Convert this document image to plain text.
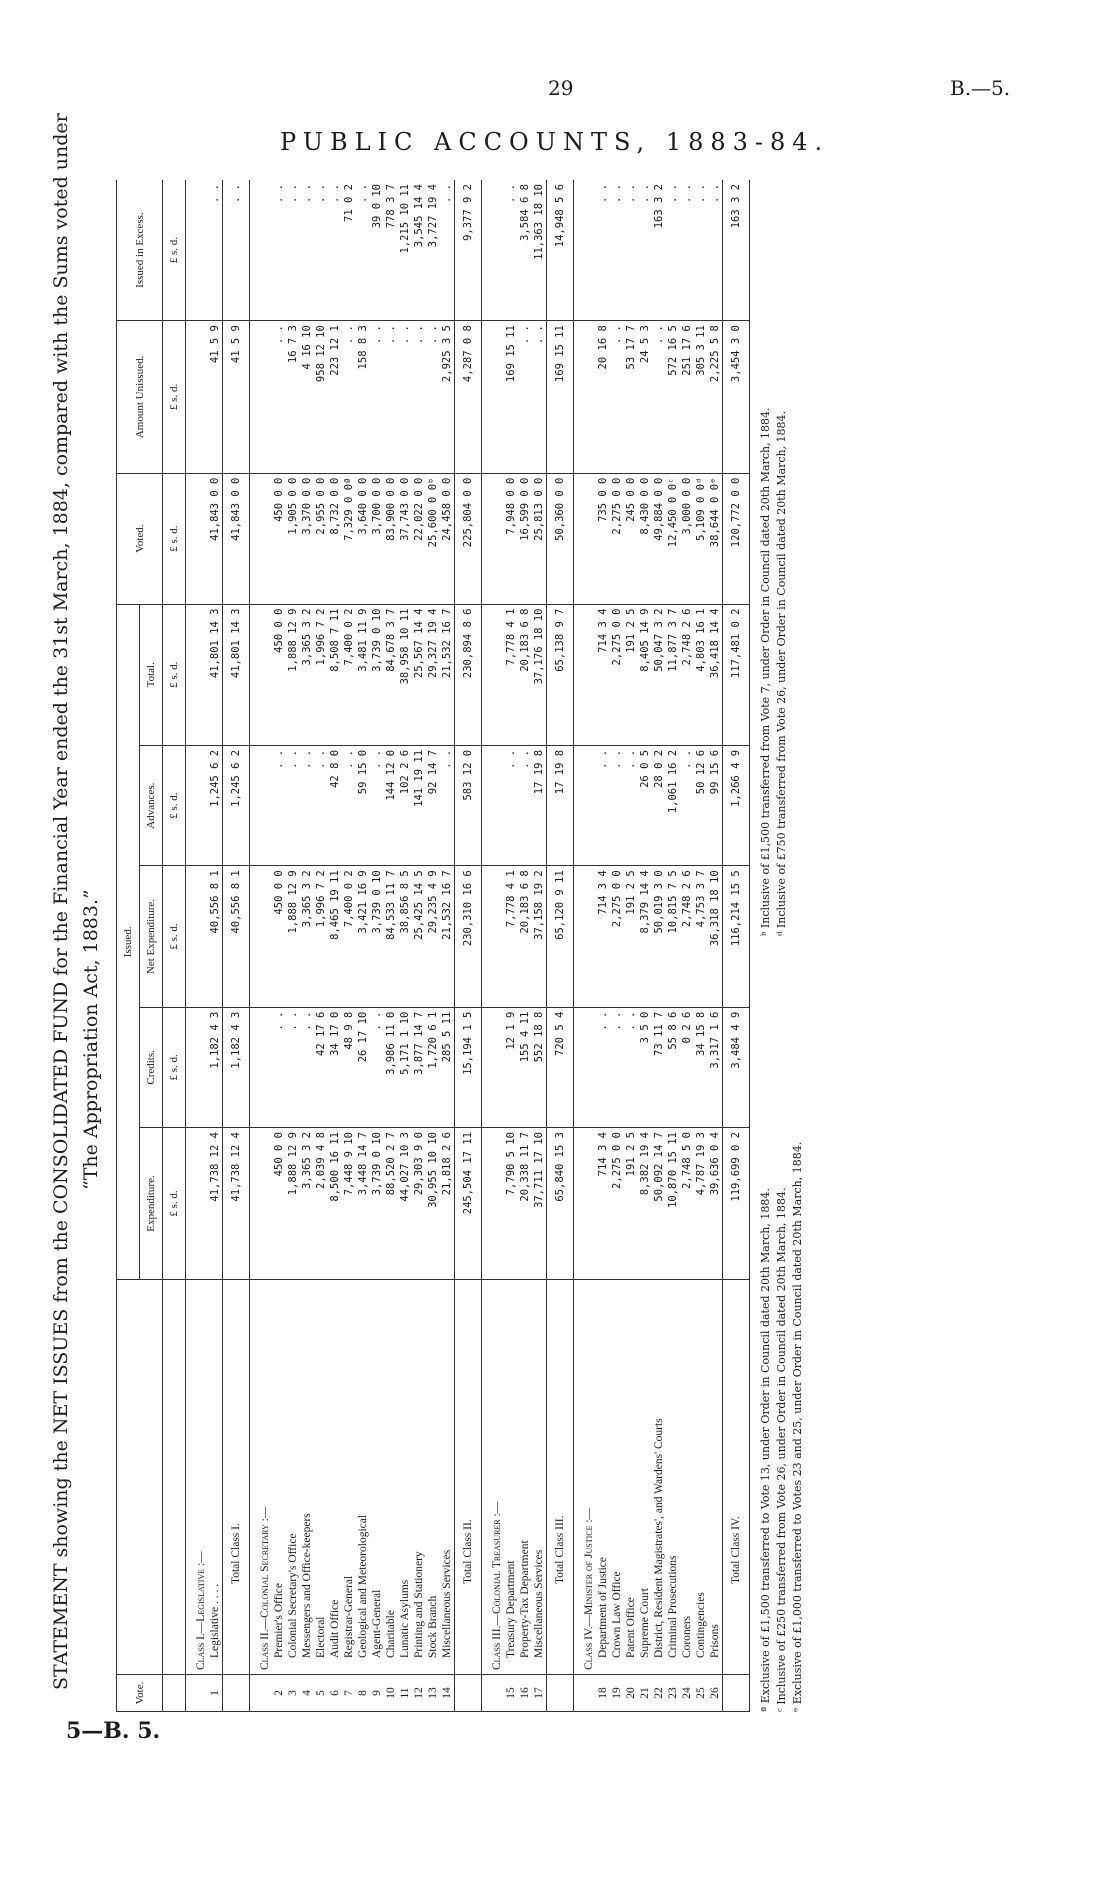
29	B.—5.
PUBLIC ACCOUNTS, 1883-84.
STATEMENT showing the NET ISSUES from the CONSOLIDATED FUND for the Financial Year ended the 31st March, 1884, compared with the Sums voted under “The Appropriation Act, 1883.”
5—B. 5.
Vote.		Issued.					Voted.	Amount Unissued.	Issued in Excess.
		Expenditure.	Credits.	Net Expenditure.	Advances.	Total.			
		£ s. d.	£ s. d.	£ s. d.	£ s. d.	£ s. d.	£ s. d.	£ s. d.	£ s. d.
	Class I.—Legislative :—								
1	Legislative . . . .	41,738 12 4	1,182 4 3	40,556 8 1	1,245 6 2	41,801 14 3	41,843 0 0	41 5 9	. .
	Total Class I.	41,738 12 4	1,182 4 3	40,556 8 1	1,245 6 2	41,801 14 3	41,843 0 0	41 5 9	. .
	Class II.—Colonial Secretary :—								
2	Premier's Office	450 0 0	. .	450 0 0	. .	450 0 0	450 0 0	. .	. .
3	Colonial Secretary's Office	1,888 12 9	. .	1,888 12 9	. .	1,888 12 9	1,905 0 0	16 7 3	. .
4	Messengers and Office-keepers	3,365 3 2	. .	3,365 3 2	. .	3,365 3 2	3,370 0 0	4 16 10	. .
5	Electoral	2,039 4 8	42 17 6	1,996 7 2	. .	1,996 7 2	2,955 0 0	958 12 10	. .
6	Audit Office	8,500 16 11	34 17 0	8,465 19 11	42 8 0	8,508 7 11	8,732 0 0	223 12 1	. .
7	Registrar-General	7,448 9 10	48 9 8	7,400 0 2	. .	7,400 0 2	7,329 0 0ª	. .	71 0 2
8	Geological and Meteorological	3,448 14 7	26 17 10	3,421 16 9	59 15 0	3,481 11 9	3,640 0 0	158 8 3	. .
9	Agent-General	3,739 0 10	. .	3,739 0 10	. .	3,739 0 10	3,700 0 0	. .	39 0 10
10	Charitable	88,520 2 7	3,986 11 0	84,533 11 7	144 12 0	84,678 3 7	83,900 0 0	. .	778 3 7
11	Lunatic Asylums	44,027 10 3	5,171 1 10	38,856 8 5	102 2 6	38,958 10 11	37,743 0 0	. .	1,215 10 11
12	Printing and Stationery	29,303 9 0	3,877 14 7	25,425 14 5	141 19 11	25,567 14 4	22,022 0 0	. .	3,545 14 4
13	Stock Branch	30,955 10 10	1,720 6 1	29,235 4 9	92 14 7	29,327 19 4	25,600 0 0ᵇ	. .	3,727 19 4
14	Miscellaneous Services	21,818 2 6	285 5 11	21,532 16 7	. .	21,532 16 7	24,458 0 0	2,925 3 5	. .
	Total Class II.	245,504 17 11	15,194 1 5	230,310 16 6	583 12 0	230,894 8 6	225,804 0 0	4,287 0 8	9,377 9 2
	Class III.—Colonial Treasurer :—								
15	Treasury Department	7,790 5 10	12 1 9	7,778 4 1	. .	7,778 4 1	7,948 0 0	169 15 11	. .
16	Property-Tax Department	20,338 11 7	155 4 11	20,183 6 8	. .	20,183 6 8	16,599 0 0	. .	3,584 6 8
17	Miscellaneous Services	37,711 17 10	552 18 8	37,158 19 2	17 19 8	37,176 18 10	25,813 0 0	. .	11,363 18 10
	Total Class III.	65,840 15 3	720 5 4	65,120 9 11	17 19 8	65,138 9 7	50,360 0 0	169 15 11	14,948 5 6
	Class IV.—Minister of Justice :—								
18	Department of Justice	714 3 4	. .	714 3 4	. .	714 3 4	735 0 0	20 16 8	. .
19	Crown Law Office	2,275 0 0	. .	2,275 0 0	. .	2,275 0 0	2,275 0 0	. .	. .
20	Patent Office	191 2 5	. .	191 2 5	. .	191 2 5	245 0 0	53 17 7	. .
21	Supreme Court	8,382 19 4	3 5 0	8,379 14 4	26 0 5	8,405 14 9	8,430 0 0	24 5 3	. .
22	District, Resident Magistrates', and Wardens' Courts	50,092 14 7	73 11 7	50,019 3 0	28 0 2	50,047 3 2	49,884 0 0	. .	163 3 2
23	Criminal Prosecutions	10,870 15 11	55 8 6	10,815 7 5	1,061 16 2	11,877 3 7	12,450 0 0ᶜ	572 16 5	. .
24	Coroners	2,748 5 0	0 2 6	2,748 2 6	. .	2,748 2 6	3,000 0 0	251 17 6	. .
25	Contingencies	4,787 19 3	34 15 8	4,753 3 7	50 12 6	4,803 16 1	5,109 0 0ᵈ	305 3 11	. .
26	Prisons	39,636 0 4	3,317 1 6	36,318 18 10	99 15 6	36,418 14 4	38,644 0 0ᵉ	2,225 5 8	. .
	Total Class IV.	119,699 0 2	3,484 4 9	116,214 15 5	1,266 4 9	117,481 0 2	120,772 0 0	3,454 3 0	163 3 2
ª Exclusive of £1,500 transferred to Vote 13, under Order in Council dated 20th March, 1884.
ᵇ Inclusive of £1,500 transferred from Vote 7, under Order in Council dated 20th March, 1884.
ᶜ Inclusive of £250 transferred from Vote 26, under Order in Council dated 20th March, 1884.
ᵈ Inclusive of £750 transferred from Vote 26, under Order in Council dated 20th March, 1884.
ᵉ Exclusive of £1,000 transferred to Votes 23 and 25, under Order in Council dated 20th March, 1884.
